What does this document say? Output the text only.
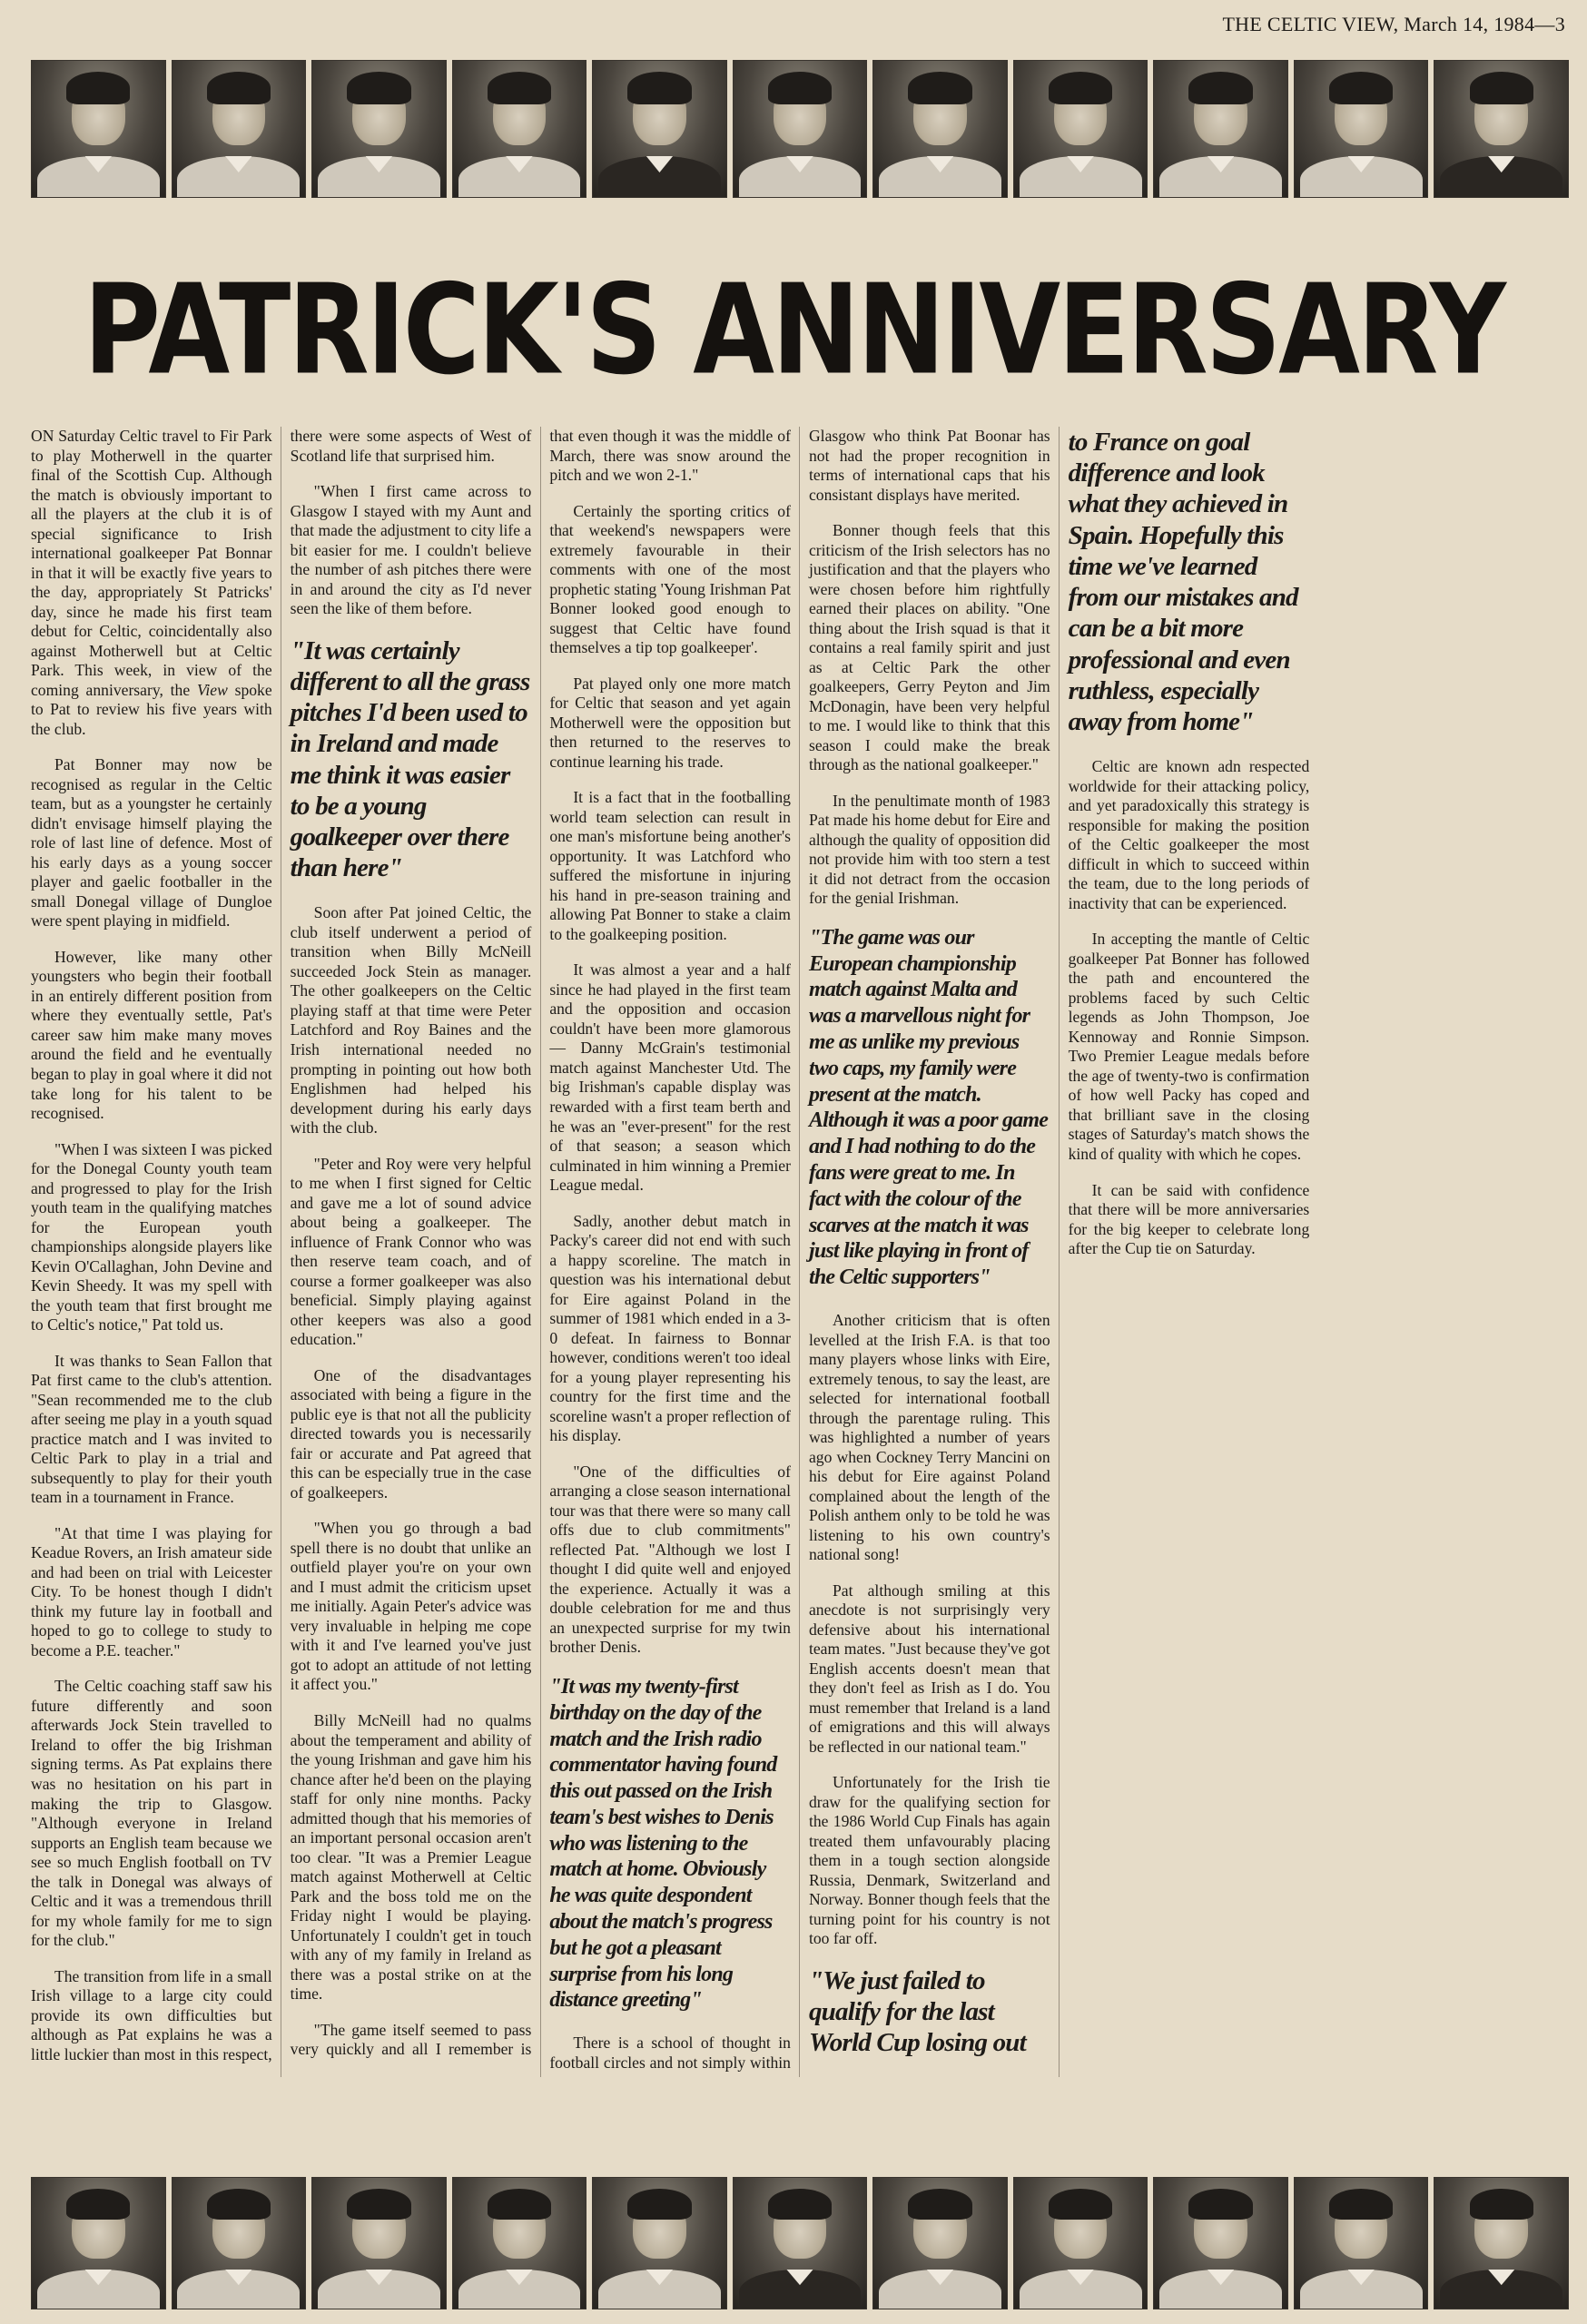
THE CELTIC VIEW, March 14, 1984—3
PATRICK'S ANNIVERSARY

ON Saturday Celtic travel to Fir Park to play Motherwell in the quarter final of the Scottish Cup. Although the match is obviously important to all the players at the club it is of special significance to Irish international goalkeeper Pat Bonnar in that it will be exactly five years to the day, appropriately St Patricks' day, since he made his first team debut for Celtic, coincidentally also against Motherwell but at Celtic Park. This week, in view of the coming anniversary, the View spoke to Pat to review his five years with the club.

Pat Bonner may now be recognised as regular in the Celtic team, but as a youngster he certainly didn't envisage himself playing the role of last line of defence. Most of his early days as a young soccer player and gaelic footballer in the small Donegal village of Dungloe were spent playing in midfield.

However, like many other youngsters who begin their football in an entirely different position from where they eventually settle, Pat's career saw him make many moves around the field and he eventually began to play in goal where it did not take long for his talent to be recognised.

"When I was sixteen I was picked for the Donegal County youth team and progressed to play for the Irish youth team in the qualifying matches for the European youth championships alongside players like Kevin O'Callaghan, John Devine and Kevin Sheedy. It was my spell with the youth team that first brought me to Celtic's notice," Pat told us.

It was thanks to Sean Fallon that Pat first came to the club's attention. "Sean recommended me to the club after seeing me play in a youth squad practice match and I was invited to Celtic Park to play in a trial and subsequently to play for their youth team in a tournament in France.

"At that time I was playing for Keadue Rovers, an Irish amateur side and had been on trial with Leicester City. To be honest though I didn't think my future lay in football and hoped to go to college to study to become a P.E. teacher."

The Celtic coaching staff saw his future differently and soon afterwards Jock Stein travelled to Ireland to offer the big Irishman signing terms. As Pat explains there was no hesitation on his part in making the trip to Glasgow. "Although everyone in Ireland supports an English team because we see so much English football on TV the talk in Donegal was always of Celtic and it was a tremendous thrill for my whole family for me to sign for the club."

The transition from life in a small Irish village to a large city could provide its own difficulties but although as Pat explains he was a little luckier than most in this respect, there were some aspects of West of Scotland life that surprised him.

"When I first came across to Glasgow I stayed with my Aunt and that made the adjustment to city life a bit easier for me. I couldn't believe the number of ash pitches there were in and around the city as I'd never seen the like of them before.

"It was certainly different to all the grass pitches I'd been used to in Ireland and made me think it was easier to be a young goalkeeper over there than here"

Soon after Pat joined Celtic, the club itself underwent a period of transition when Billy McNeill succeeded Jock Stein as manager. The other goalkeepers on the Celtic playing staff at that time were Peter Latchford and Roy Baines and the Irish international needed no prompting in pointing out how both Englishmen had helped his development during his early days with the club.

"Peter and Roy were very helpful to me when I first signed for Celtic and gave me a lot of sound advice about being a goalkeeper. The influence of Frank Connor who was then reserve team coach, and of course a former goalkeeper was also beneficial. Simply playing against other keepers was also a good education."

One of the disadvantages associated with being a figure in the public eye is that not all the publicity directed towards you is necessarily fair or accurate and Pat agreed that this can be especially true in the case of goalkeepers.

"When you go through a bad spell there is no doubt that unlike an outfield player you're on your own and I must admit the criticism upset me initially. Again Peter's advice was very invaluable in helping me cope with it and I've learned you've just got to adopt an attitude of not letting it affect you."

Billy McNeill had no qualms about the temperament and ability of the young Irishman and gave him his chance after he'd been on the playing staff for only nine months. Packy admitted though that his memories of an important personal occasion aren't too clear. "It was a Premier League match against Motherwell at Celtic Park and the boss told me on the Friday night I would be playing. Unfortunately I couldn't get in touch with any of my family in Ireland as there was a postal strike on at the time.

"The game itself seemed to pass very quickly and all I remember is that even though it was the middle of March, there was snow around the pitch and we won 2-1."

Certainly the sporting critics of that weekend's newspapers were extremely favourable in their comments with one of the most prophetic stating 'Young Irishman Pat Bonner looked good enough to suggest that Celtic have found themselves a tip top goalkeeper'.

Pat played only one more match for Celtic that season and yet again Motherwell were the opposition but then returned to the reserves to continue learning his trade.

It is a fact that in the footballing world team selection can result in one man's misfortune being another's opportunity. It was Latchford who suffered the misfortune in injuring his hand in pre-season training and allowing Pat Bonner to stake a claim to the goalkeeping position.

It was almost a year and a half since he had played in the first team and the opposition and occasion couldn't have been more glamorous — Danny McGrain's testimonial match against Manchester Utd. The big Irishman's capable display was rewarded with a first team berth and he was an "ever-present" for the rest of that season; a season which culminated in him winning a Premier League medal.

Sadly, another debut match in Packy's career did not end with such a happy scoreline. The match in question was his international debut for Eire against Poland in the summer of 1981 which ended in a 3-0 defeat. In fairness to Bonnar however, conditions weren't too ideal for a young player representing his country for the first time and the scoreline wasn't a proper reflection of his display.

"One of the difficulties of arranging a close season international tour was that there were so many call offs due to club commitments" reflected Pat. "Although we lost I thought I did quite well and enjoyed the experience. Actually it was a double celebration for me and thus an unexpected surprise for my twin brother Denis.

"It was my twenty-first birthday on the day of the match and the Irish radio commentator having found this out passed on the Irish team's best wishes to Denis who was listening to the match at home. Obviously he was quite despondent about the match's progress but he got a pleasant surprise from his long distance greeting"

There is a school of thought in football circles and not simply within Glasgow who think Pat Boonar has not had the proper recognition in terms of international caps that his consistant displays have merited.

Bonner though feels that this criticism of the Irish selectors has no justification and that the players who were chosen before him rightfully earned their places on ability. "One thing about the Irish squad is that it contains a real family spirit and just as at Celtic Park the other goalkeepers, Gerry Peyton and Jim McDonagin, have been very helpful to me. I would like to think that this season I could make the break through as the national goalkeeper."

In the penultimate month of 1983 Pat made his home debut for Eire and although the quality of opposition did not provide him with too stern a test it did not detract from the occasion for the genial Irishman.

"The game was our European championship match against Malta and was a marvellous night for me as unlike my previous two caps, my family were present at the match. Although it was a poor game and I had nothing to do the fans were great to me. In fact with the colour of the scarves at the match it was just like playing in front of the Celtic supporters"

Another criticism that is often levelled at the Irish F.A. is that too many players whose links with Eire, extremely tenous, to say the least, are selected for international football through the parentage ruling. This was highlighted a number of years ago when Cockney Terry Mancini on his debut for Eire against Poland complained about the length of the Polish anthem only to be told he was listening to his own country's national song!

Pat although smiling at this anecdote is not surprisingly very defensive about his international team mates. "Just because they've got English accents doesn't mean that they don't feel as Irish as I do. You must remember that Ireland is a land of emigrations and this will always be reflected in our national team."

Unfortunately for the Irish tie draw for the qualifying section for the 1986 World Cup Finals has again treated them unfavourably placing them in a tough section alongside Russia, Denmark, Switzerland and Norway. Bonner though feels that the turning point for his country is not too far off.

"We just failed to qualify for the last World Cup losing out to France on goal difference and look what they achieved in Spain. Hopefully this time we've learned from our mistakes and can be a bit more professional and even ruthless, especially away from home"

Celtic are known adn respected worldwide for their attacking policy, and yet paradoxically this strategy is responsible for making the position of the Celtic goalkeeper the most difficult in which to succeed within the team, due to the long periods of inactivity that can be experienced.

In accepting the mantle of Celtic goalkeeper Pat Bonner has followed the path and encountered the problems faced by such Celtic legends as John Thompson, Joe Kennoway and Ronnie Simpson. Two Premier League medals before the age of twenty-two is confirmation of how well Packy has coped and that brilliant save in the closing stages of Saturday's match shows the kind of quality with which he copes.

It can be said with confidence that there will be more anniversaries for the big keeper to celebrate long after the Cup tie on Saturday.
